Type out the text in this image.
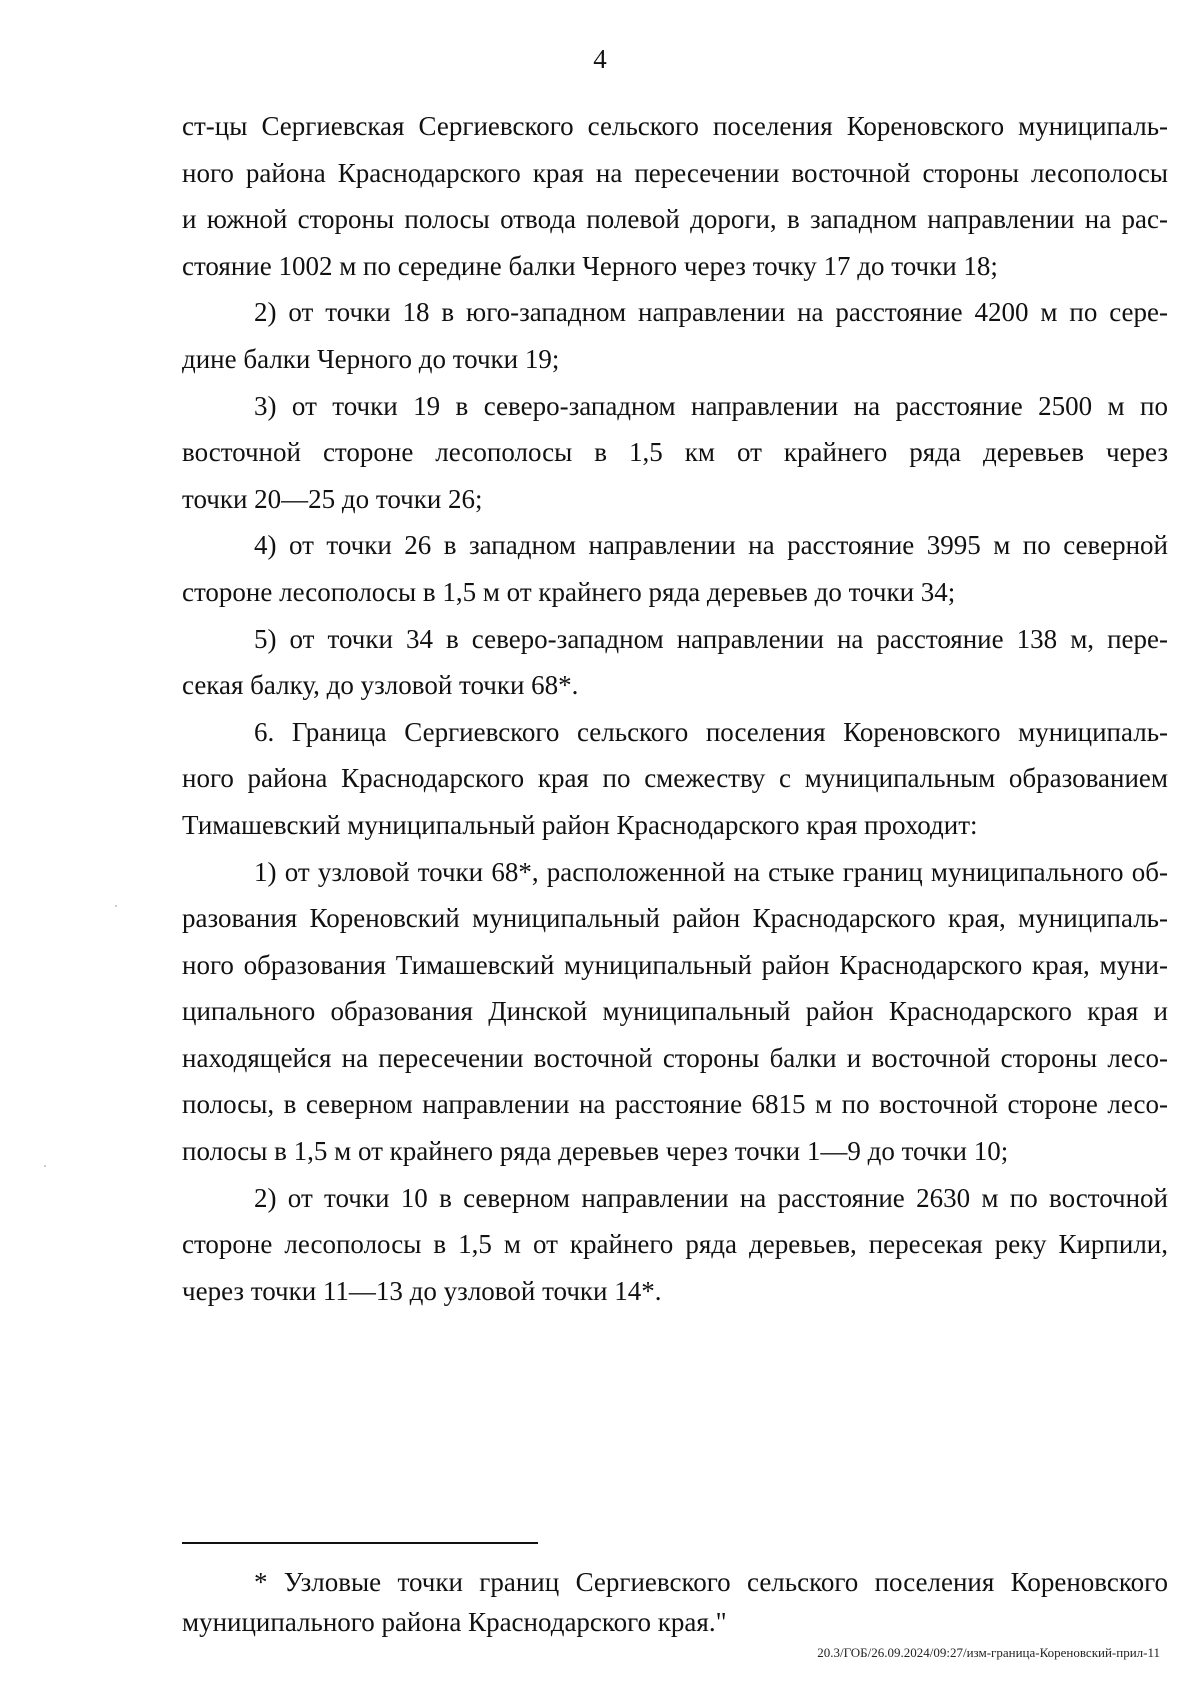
4
ст-цы Сергиевская Сергиевского сельского поселения Кореновского муниципаль-
ного района Краснодарского края на пересечении восточной стороны лесополосы
и южной стороны полосы отвода полевой дороги, в западном направлении на рас-
стояние 1002 м по середине балки Черного через точку 17 до точки 18;
2) от точки 18 в юго-западном направлении на расстояние 4200 м по сере-
дине балки Черного до точки 19;
3) от точки 19 в северо-западном направлении на расстояние 2500 м по
восточной стороне лесополосы в 1,5 км от крайнего ряда деревьев через
точки 20—25 до точки 26;
4) от точки 26 в западном направлении на расстояние 3995 м по северной
стороне лесополосы в 1,5 м от крайнего ряда деревьев до точки 34;
5) от точки 34 в северо-западном направлении на расстояние 138 м, пере-
секая балку, до узловой точки 68*.
6. Граница Сергиевского сельского поселения Кореновского муниципаль-
ного района Краснодарского края по смежеству с муниципальным образованием
Тимашевский муниципальный район Краснодарского края проходит:
1) от узловой точки 68*, расположенной на стыке границ муниципального об-
разования Кореновский муниципальный район Краснодарского края, муниципаль-
ного образования Тимашевский муниципальный район Краснодарского края, муни-
ципального образования Динской муниципальный район Краснодарского края и
находящейся на пересечении восточной стороны балки и восточной стороны лесо-
полосы, в северном направлении на расстояние 6815 м по восточной стороне лесо-
полосы в 1,5 м от крайнего ряда деревьев через точки 1—9 до точки 10;
2) от точки 10 в северном направлении на расстояние 2630 м по восточной
стороне лесополосы в 1,5 м от крайнего ряда деревьев, пересекая реку Кирпили,
через точки 11—13 до узловой точки 14*.
* Узловые точки границ Сергиевского сельского поселения Кореновского
муниципального района Краснодарского края."
20.3/ГОБ/26.09.2024/09:27/изм-граница-Кореновский-прил-11
